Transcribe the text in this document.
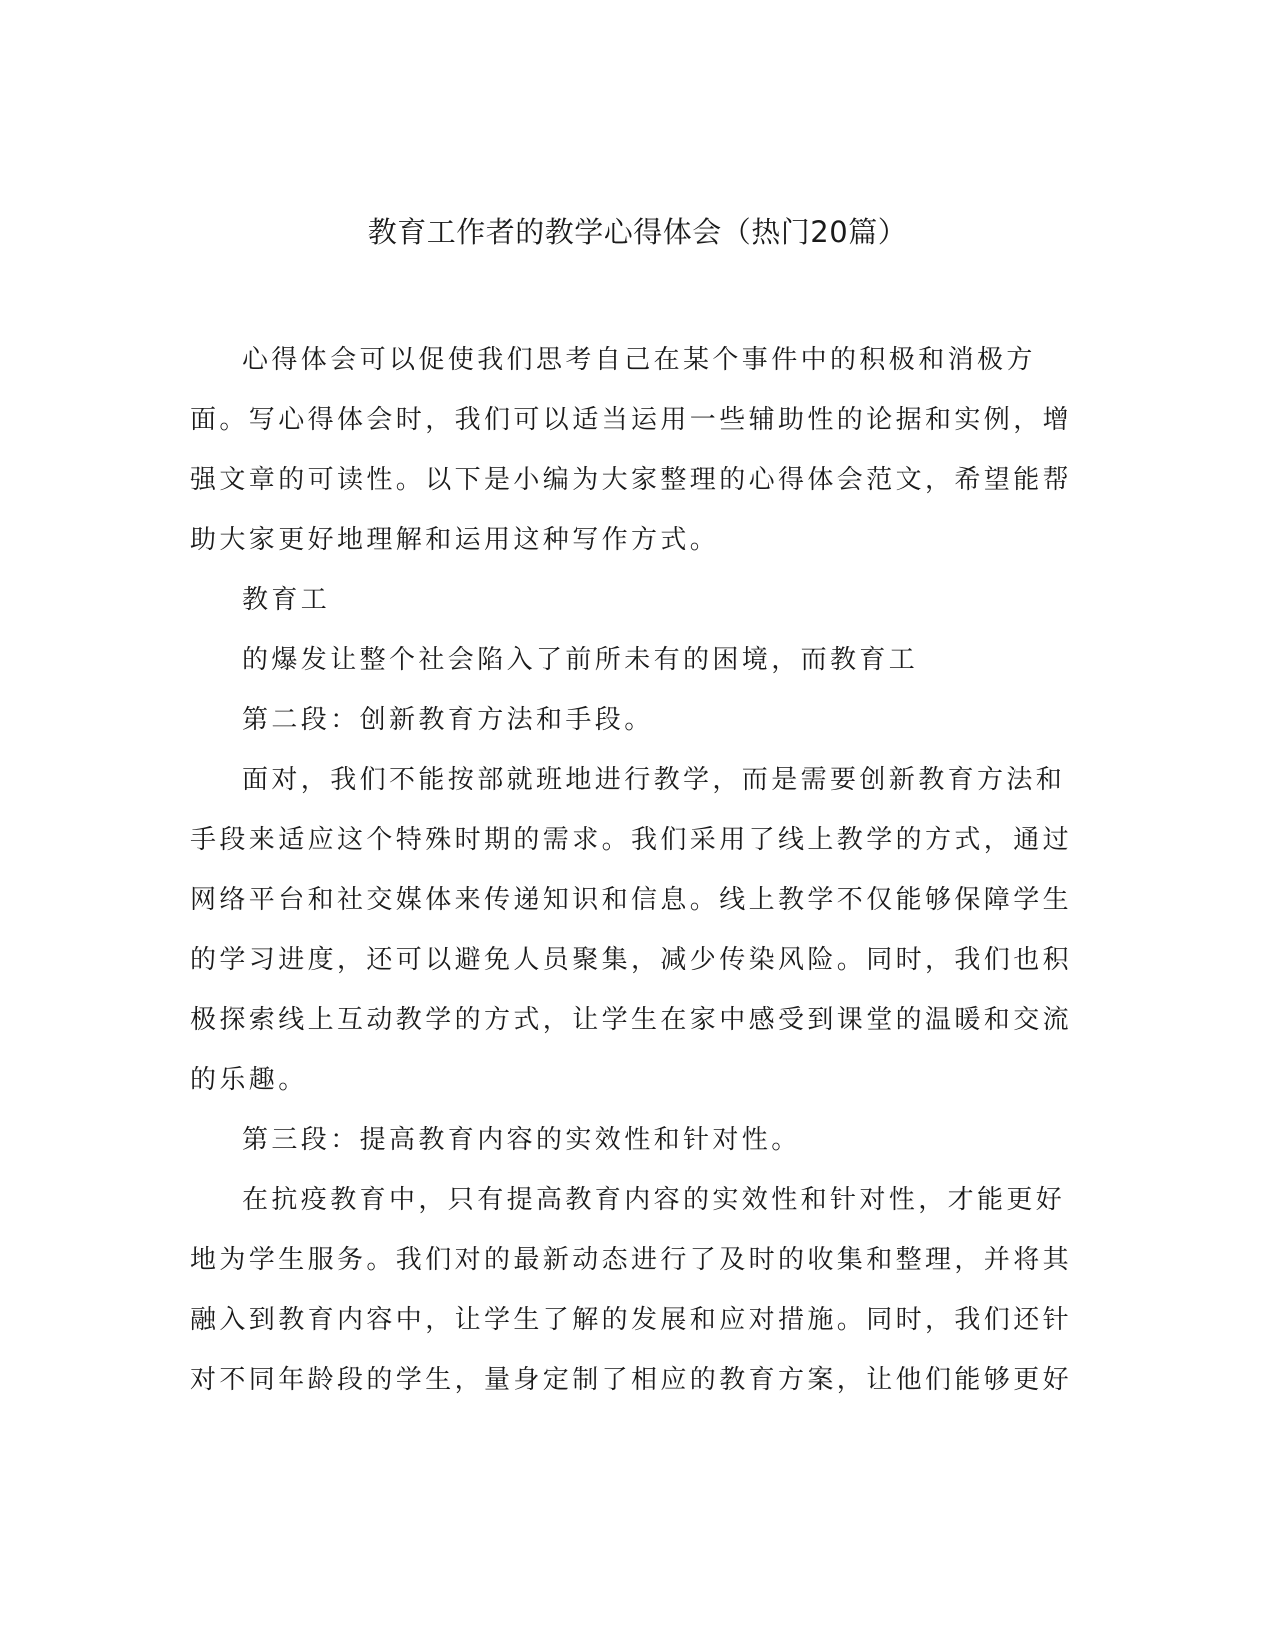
教育工作者的教学心得体会（热门20篇）

心得体会可以促使我们思考自己在某个事件中的积极和消极方面。写心得体会时，我们可以适当运用一些辅助性的论据和实例，增强文章的可读性。以下是小编为大家整理的心得体会范文，希望能帮助大家更好地理解和运用这种写作方式。

教育工

的爆发让整个社会陷入了前所未有的困境，而教育工

第二段：创新教育方法和手段。

面对，我们不能按部就班地进行教学，而是需要创新教育方法和手段来适应这个特殊时期的需求。我们采用了线上教学的方式，通过网络平台和社交媒体来传递知识和信息。线上教学不仅能够保障学生的学习进度，还可以避免人员聚集，减少传染风险。同时，我们也积极探索线上互动教学的方式，让学生在家中感受到课堂的温暖和交流的乐趣。

第三段：提高教育内容的实效性和针对性。

在抗疫教育中，只有提高教育内容的实效性和针对性，才能更好地为学生服务。我们对的最新动态进行了及时的收集和整理，并将其融入到教育内容中，让学生了解的发展和应对措施。同时，我们还针对不同年龄段的学生，量身定制了相应的教育方案，让他们能够更好
